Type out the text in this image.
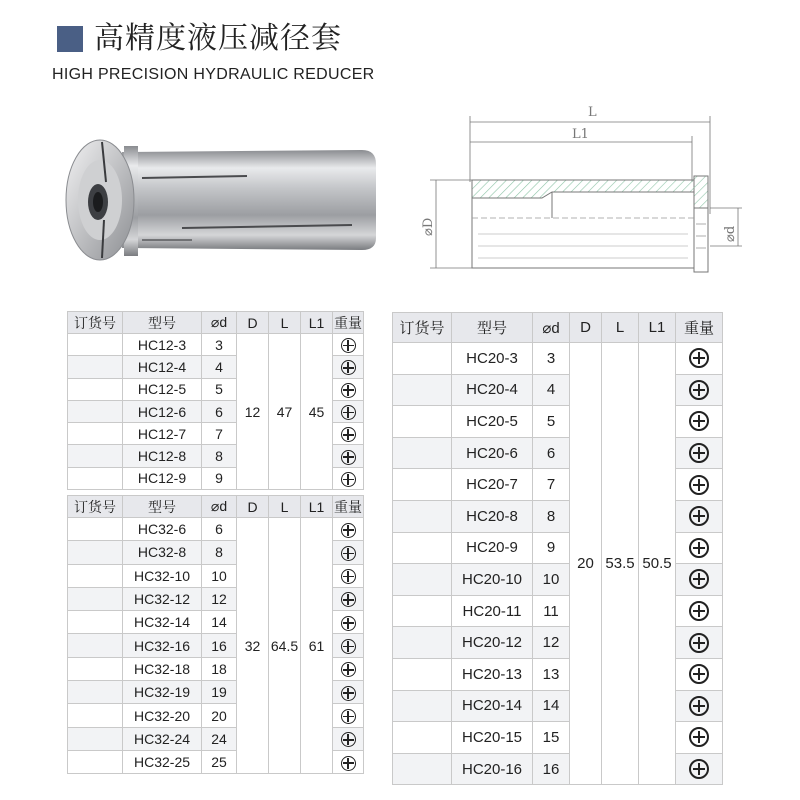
高精度液压减径套
HIGH PRECISION HYDRAULIC REDUCER
L
L1
⌀D	⌀d
订货号	型号	⌀d	D	L	L1	重量
	HC12-3	3	12	47	45	
	HC12-4	4				
	HC12-5	5				
	HC12-6	6				
	HC12-7	7				
	HC12-8	8				
	HC12-9	9				
订货号	型号	⌀d	D	L	L1	重量
	HC32-6	6	32	64.5	61	
	HC32-8	8				
	HC32-10	10				
	HC32-12	12				
	HC32-14	14				
	HC32-16	16				
	HC32-18	18				
	HC32-19	19				
	HC32-20	20				
	HC32-24	24				
	HC32-25	25				
订货号	型号	⌀d	D	L	L1	重量
	HC20-3	3	20	53.5	50.5	
	HC20-4	4				
	HC20-5	5				
	HC20-6	6				
	HC20-7	7				
	HC20-8	8				
	HC20-9	9				
	HC20-10	10				
	HC20-11	11				
	HC20-12	12				
	HC20-13	13				
	HC20-14	14				
	HC20-15	15				
	HC20-16	16				
